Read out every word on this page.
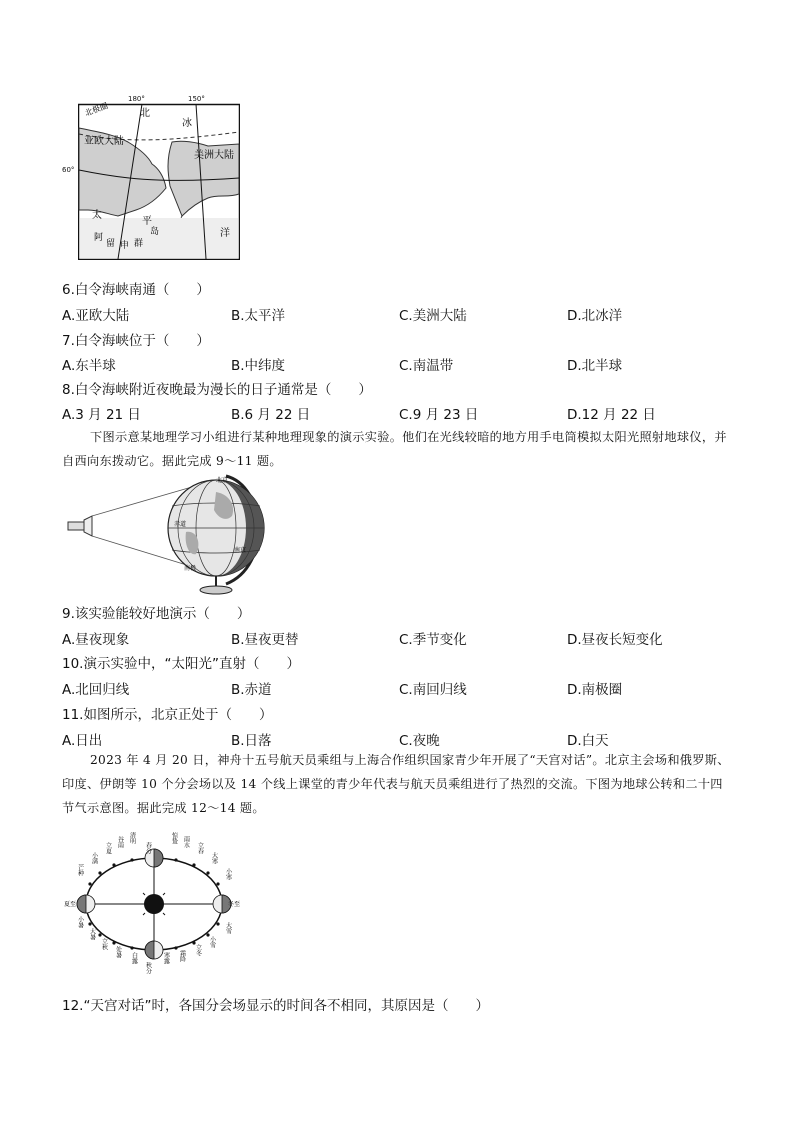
北极圈	北
冰
亚欧大陆
美洲大陆
太
平
洋
岛
阿
留 申 群
180°	150°
60°
6.白令海峡南通（　　）
A.亚欧大陆	B.太平洋	C.美洲大陆	D.北冰洋
7.白令海峡位于（　　）
A.东半球	B.中纬度	C.南温带	D.北半球
8.白令海峡附近夜晚最为漫长的日子通常是（　　）
A.3 月 21 日	B.6 月 22 日	C.9 月 23 日	D.12 月 22 日
下图示意某地理学习小组进行某种地理现象的演示实验。他们在光线较暗的地方用手电筒模拟太阳光照射地球仪，并自西向东拨动它。据此完成 9～11 题。
北京
赤道
南京
南极
9.该实验能较好地演示（　　）
A.昼夜现象	B.昼夜更替	C.季节变化	D.昼夜长短变化
10.演示实验中，“太阳光”直射（　　）
A.北回归线	B.赤道	C.南回归线	D.南极圈
11.如图所示，北京正处于（　　）
A.日出	B.日落	C.夜晚	D.白天
2023 年 4 月 20 日，神舟十五号航天员乘组与上海合作组织国家青少年开展了“天宫对话”。北京主会场和俄罗斯、印度、伊朗等 10 个分会场以及 14 个线上课堂的青少年代表与航天员乘组进行了热烈的交流。下图为地球公转和二十四节气示意图。据此完成 12～14 题。
春分
秋分
夏至	冬至
清明
谷雨
立夏
小满
芒种
惊蛰 雨水 立春
大寒
小寒
大雪
小雪
立冬
霜降
寒露
白露
处暑
立秋
大暑
小暑
12.“天宫对话”时，各国分会场显示的时间各不相同，其原因是（　　）
